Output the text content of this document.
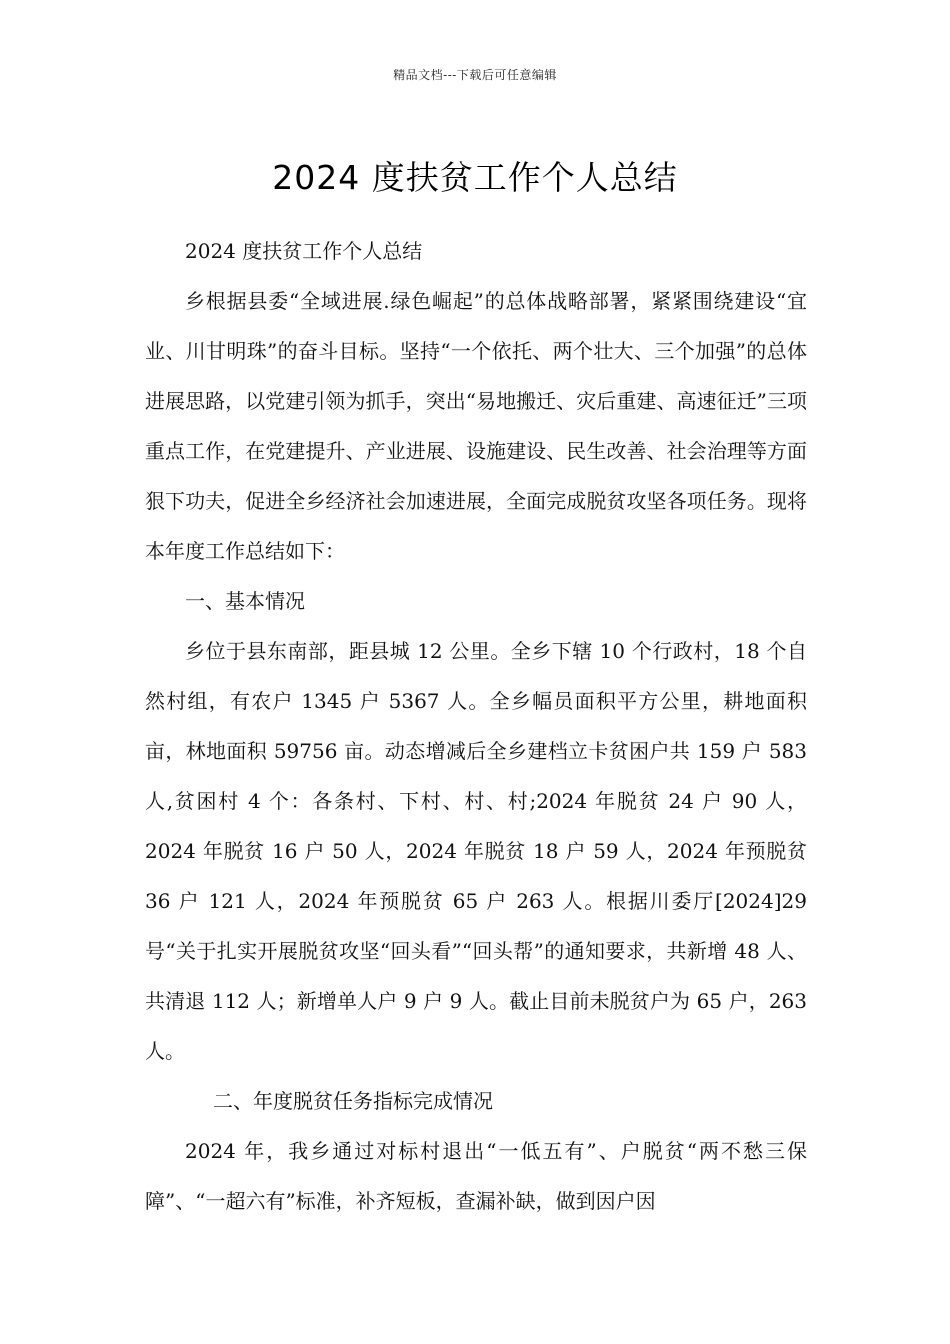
精品文档---下载后可任意编辑
2024 度扶贫工作个人总结

2024 度扶贫工作个人总结

乡根据县委“全域进展.绿色崛起”的总体战略部署，紧紧围绕建设“宜业、川甘明珠”的奋斗目标。坚持“一个依托、两个壮大、三个加强”的总体进展思路，以党建引领为抓手，突出“易地搬迁、灾后重建、高速征迁”三项重点工作，在党建提升、产业进展、设施建设、民生改善、社会治理等方面狠下功夫，促进全乡经济社会加速进展，全面完成脱贫攻坚各项任务。现将本年度工作总结如下：

一、基本情况

乡位于县东南部，距县城 12 公里。全乡下辖 10 个行政村，18 个自然村组，有农户 1345 户 5367 人。全乡幅员面积平方公里，耕地面积亩，林地面积 59756 亩。动态增减后全乡建档立卡贫困户共 159 户 583 人,贫困村 4 个：各条村、下村、村、村;2024 年脱贫 24 户 90 人，2024 年脱贫 16 户 50 人，2024 年脱贫 18 户 59 人，2024 年预脱贫 36 户 121 人，2024 年预脱贫 65 户 263 人。根据川委厅[2024]29 号“关于扎实开展脱贫攻坚“回头看”“回头帮”的通知要求，共新增 48 人、共清退 112 人；新增单人户 9 户 9 人。截止目前未脱贫户为 65 户，263 人。

二、年度脱贫任务指标完成情况

2024 年，我乡通过对标村退出“一低五有”、户脱贫“两不愁三保障”、“一超六有”标准，补齐短板，查漏补缺，做到因户因
